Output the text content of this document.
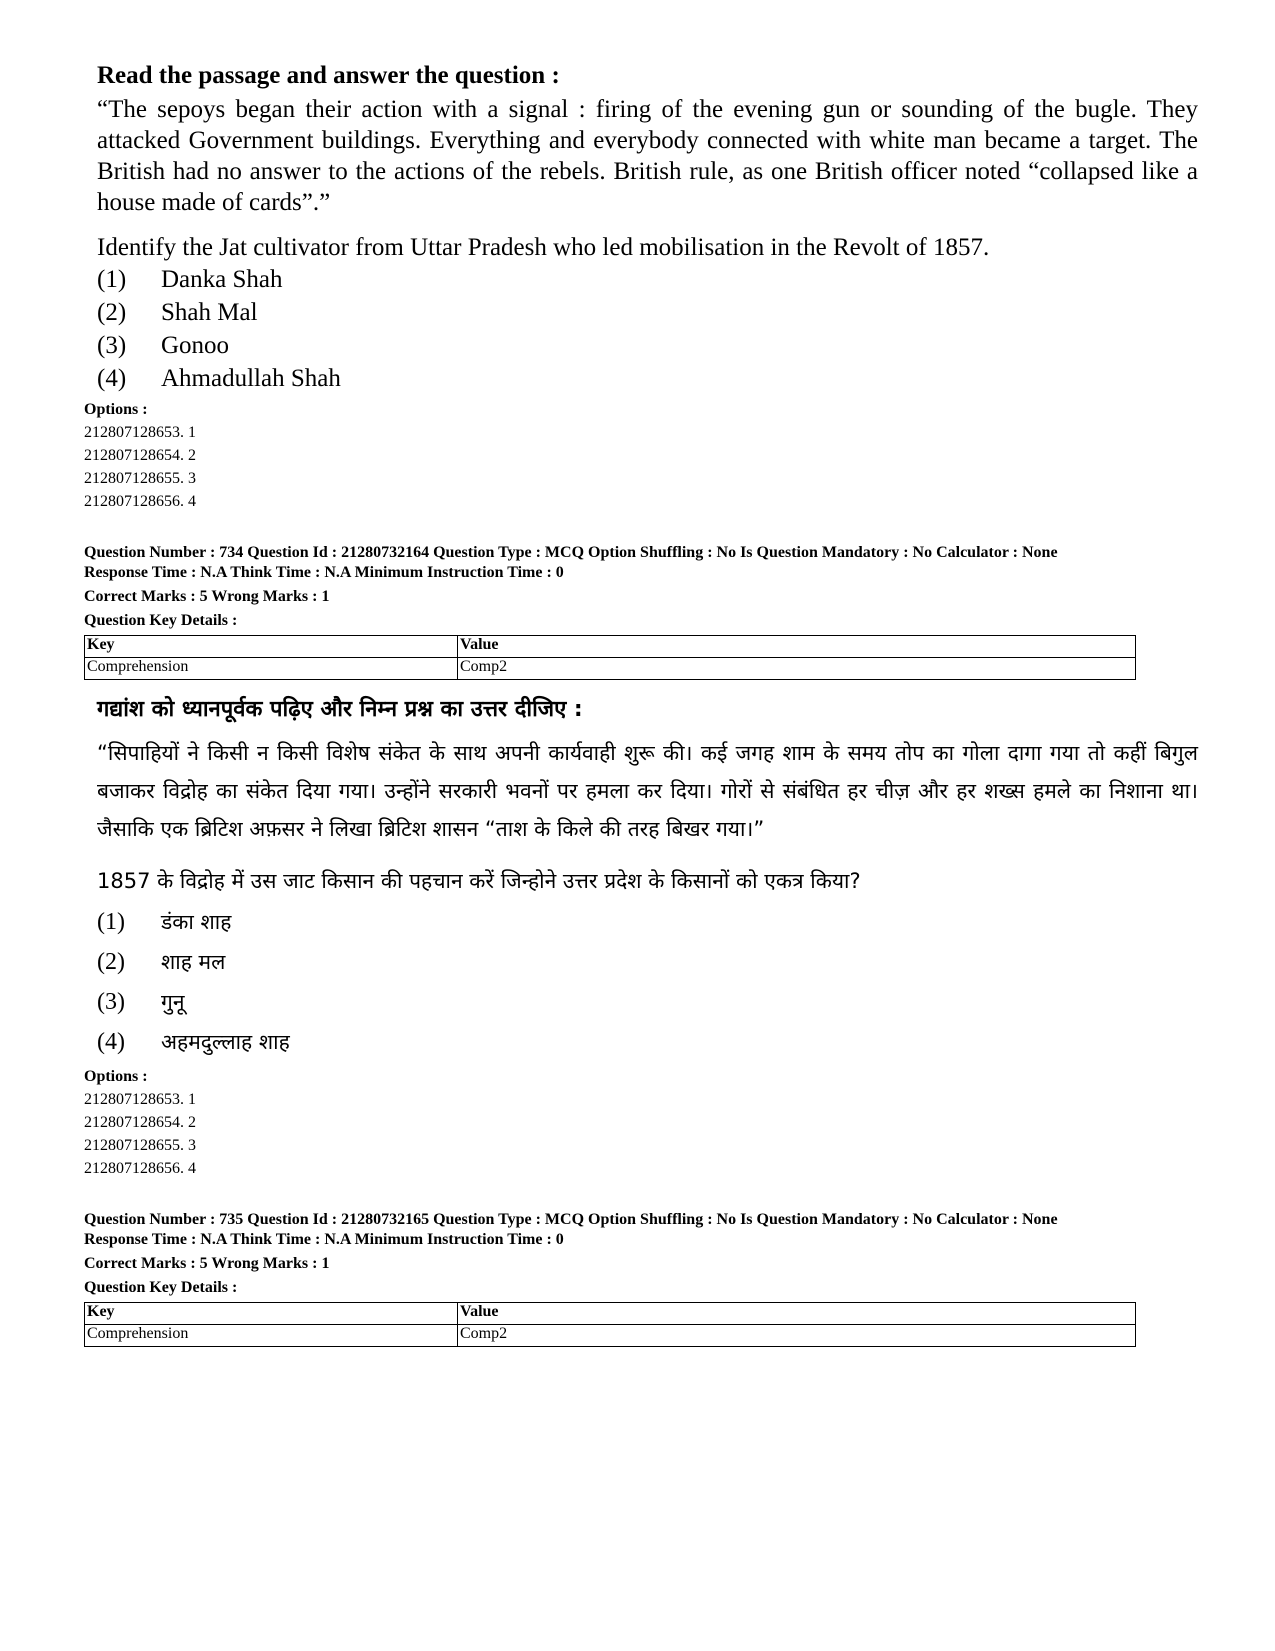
Read the passage and answer the question :

“The sepoys began their action with a signal : firing of the evening gun or sounding of the bugle. They attacked Government buildings. Everything and everybody connected with white man became a target. The British had no answer to the actions of the rebels. British rule, as one British officer noted “collapsed like a house made of cards”.”

Identify the Jat cultivator from Uttar Pradesh who led mobilisation in the Revolt of 1857.

(1)	Danka Shah
(2)	Shah Mal
(3)	Gonoo
(4)	Ahmadullah Shah
Options :
212807128653. 1
212807128654. 2
212807128655. 3
212807128656. 4
Question Number : 734 Question Id : 21280732164 Question Type : MCQ Option Shuffling : No Is Question Mandatory : No Calculator : None
Response Time : N.A Think Time : N.A Minimum Instruction Time : 0
Correct Marks : 5 Wrong Marks : 1
Question Key Details :
Key	Value
Comprehension	Comp2
गद्यांश को ध्यानपूर्वक पढ़िए और निम्न प्रश्न का उत्तर दीजिए :

“सिपाहियों ने किसी न किसी विशेष संकेत के साथ अपनी कार्यवाही शुरू की। कई जगह शाम के समय तोप का गोला दागा गया तो कहीं बिगुल बजाकर विद्रोह का संकेत दिया गया। उन्होंने सरकारी भवनों पर हमला कर दिया। गोरों से संबंधित हर चीज़ और हर शख्स हमले का निशाना था। जैसाकि एक ब्रिटिश अफ़सर ने लिखा ब्रिटिश शासन “ताश के किले की तरह बिखर गया।”

1857 के विद्रोह में उस जाट किसान की पहचान करें जिन्होने उत्तर प्रदेश के किसानों को एकत्र किया?

(1)	डंका शाह
(2)	शाह मल
(3)	गुनू
(4)	अहमदुल्लाह शाह
Options :
212807128653. 1
212807128654. 2
212807128655. 3
212807128656. 4
Question Number : 735 Question Id : 21280732165 Question Type : MCQ Option Shuffling : No Is Question Mandatory : No Calculator : None
Response Time : N.A Think Time : N.A Minimum Instruction Time : 0
Correct Marks : 5 Wrong Marks : 1
Question Key Details :
Key	Value
Comprehension	Comp2
